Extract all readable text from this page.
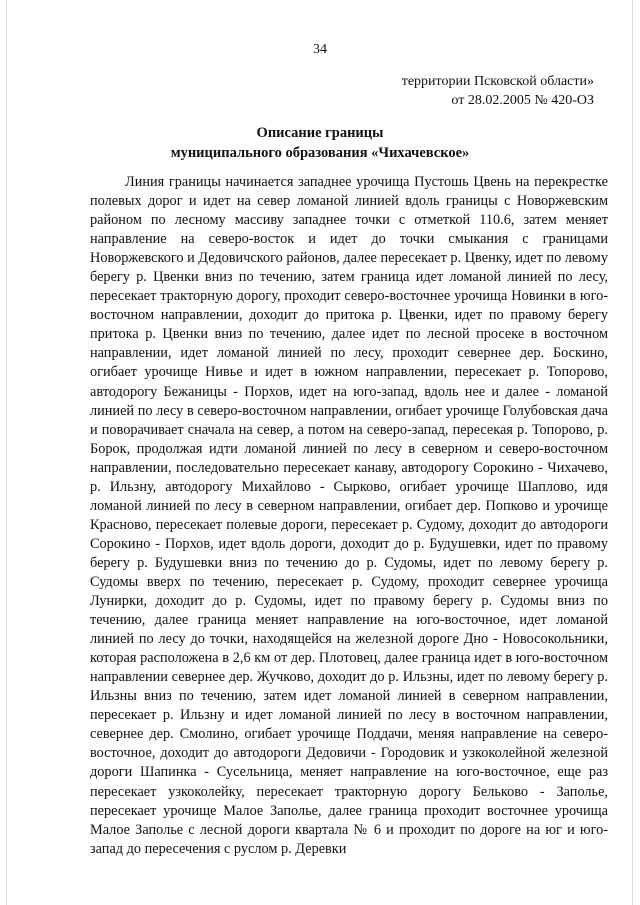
34
территории Псковской области»
от 28.02.2005 № 420-ОЗ
Описание границы
муниципального образования «Чихачевское»
Линия границы начинается западнее урочища Пустошь Цвень на перекрестке полевых дорог и идет на север ломаной линией вдоль границы с Новоржевским районом по лесному массиву западнее точки с отметкой 110.6, затем меняет направление на северо-восток и идет до точки смыкания с границами Новоржевского и Дедовичского районов, далее пересекает р. Цвенку, идет по левому берегу р. Цвенки вниз по течению, затем граница идет ломаной линией по лесу, пересекает тракторную дорогу, проходит северо-восточнее урочища Новинки в юго-восточном направлении, доходит до притока р. Цвенки, идет по правому берегу притока р. Цвенки вниз по течению, далее идет по лесной просеке в восточном направлении, идет ломаной линией по лесу, проходит севернее дер. Боскино, огибает урочище Нивье и идет в южном направлении, пересекает р. Топорово, автодорогу Бежаницы - Порхов, идет на юго-запад, вдоль нее и далее - ломаной линией по лесу в северо-восточном направлении, огибает урочище Голубовская дача и поворачивает сначала на север, а потом на северо-запад, пересекая р. Топорово, р. Борок, продолжая идти ломаной линией по лесу в северном и северо-восточном направлении, последовательно пересекает канаву, автодорогу Сорокино - Чихачево, р. Ильзну, автодорогу Михайлово - Сырково, огибает урочище Шаплово, идя ломаной линией по лесу в северном направлении, огибает дер. Попково и урочище Красново, пересекает полевые дороги, пересекает р. Судому, доходит до автодороги Сорокино - Порхов, идет вдоль дороги, доходит до р. Будушевки, идет по правому берегу р. Будушевки вниз по течению до р. Судомы, идет по левому берегу р. Судомы вверх по течению, пересекает р. Судому, проходит севернее урочища Лунирки, доходит до р. Судомы, идет по правому берегу р. Судомы вниз по течению, далее граница меняет направление на юго-восточное, идет ломаной линией по лесу до точки, находящейся на железной дороге Дно - Новосокольники, которая расположена в 2,6 км от дер. Плотовец, далее граница идет в юго-восточном направлении севернее дер. Жучково, доходит до р. Ильзны, идет по левому берегу р. Ильзны вниз по течению, затем идет ломаной линией в северном направлении, пересекает р. Ильзну и идет ломаной линией по лесу в восточном направлении, севернее дер. Смолино, огибает урочище Поддачи, меняя направление на северо-восточное, доходит до автодороги Дедовичи - Городовик и узкоколейной железной дороги Шапинка - Сусельница, меняет направление на юго-восточное, еще раз пересекает узкоколейку, пересекает тракторную дорогу Бельково - Заполье, пересекает урочище Малое Заполье, далее граница проходит восточнее урочища Малое Заполье с лесной дороги квартала № 6 и проходит по дороге на юг и юго-запад до пересечения с руслом р. Деревки
